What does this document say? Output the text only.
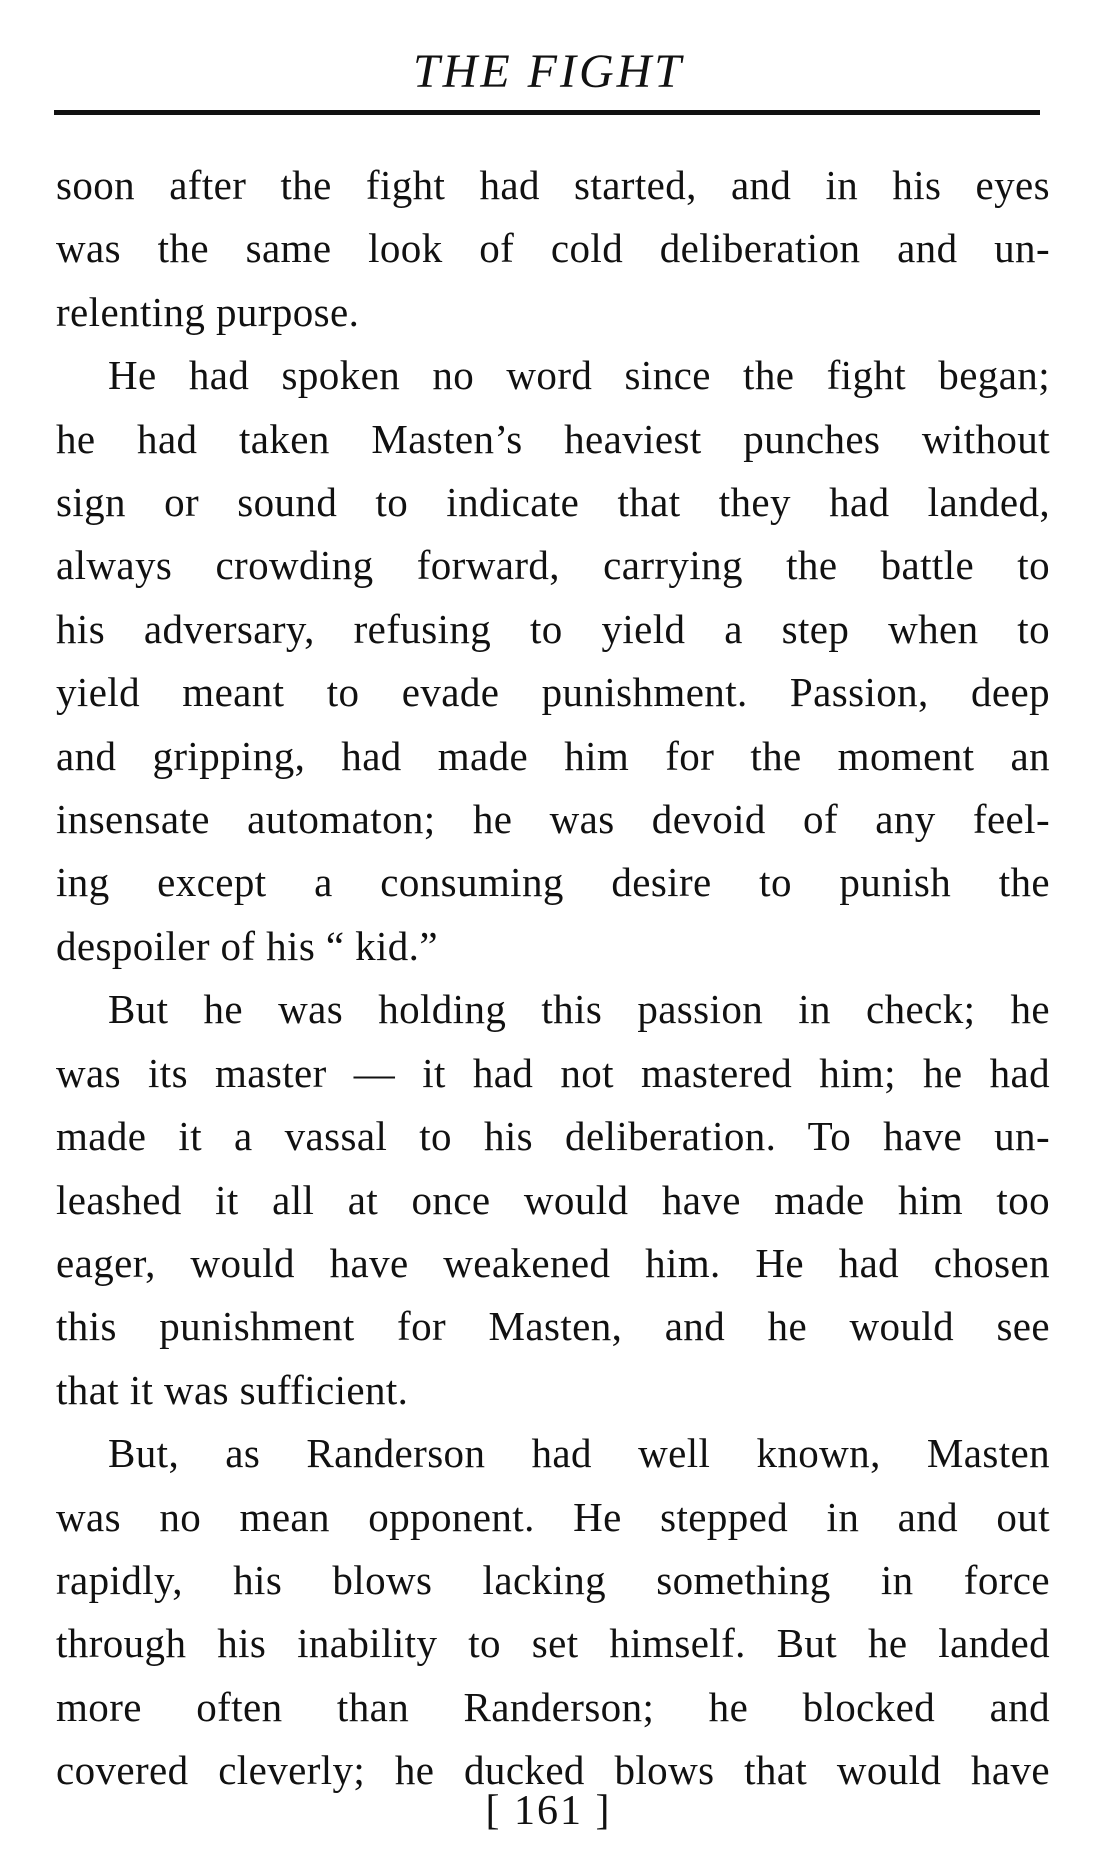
THE FIGHT
soon after the fight had started, and in his eyes
was the same look of cold deliberation and un-
relenting purpose.
He had spoken no word since the fight began;
he had taken Masten’s heaviest punches without
sign or sound to indicate that they had landed,
always crowding forward, carrying the battle to
his adversary, refusing to yield a step when to
yield meant to evade punishment. Passion, deep
and gripping, had made him for the moment an
insensate automaton; he was devoid of any feel-
ing except a consuming desire to punish the
despoiler of his “ kid.”
But he was holding this passion in check; he
was its master — it had not mastered him; he had
made it a vassal to his deliberation. To have un-
leashed it all at once would have made him too
eager, would have weakened him. He had chosen
this punishment for Masten, and he would see
that it was sufficient.
But, as Randerson had well known, Masten
was no mean opponent. He stepped in and out
rapidly, his blows lacking something in force
through his inability to set himself. But he landed
more often than Randerson; he blocked and
covered cleverly; he ducked blows that would have
[ 161 ]
